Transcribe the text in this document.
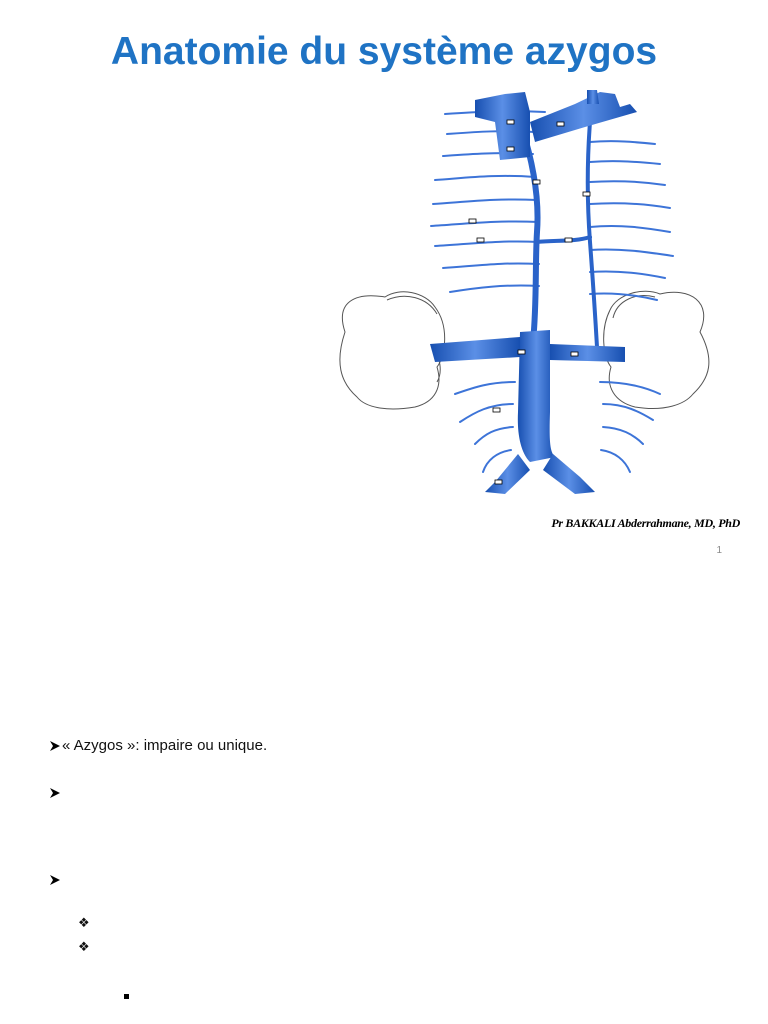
Anatomie du système azygos
Pr BAKKALI Abderrahmane, MD, PhD
1
« Azygos »: impaire ou unique.
❖
❖
